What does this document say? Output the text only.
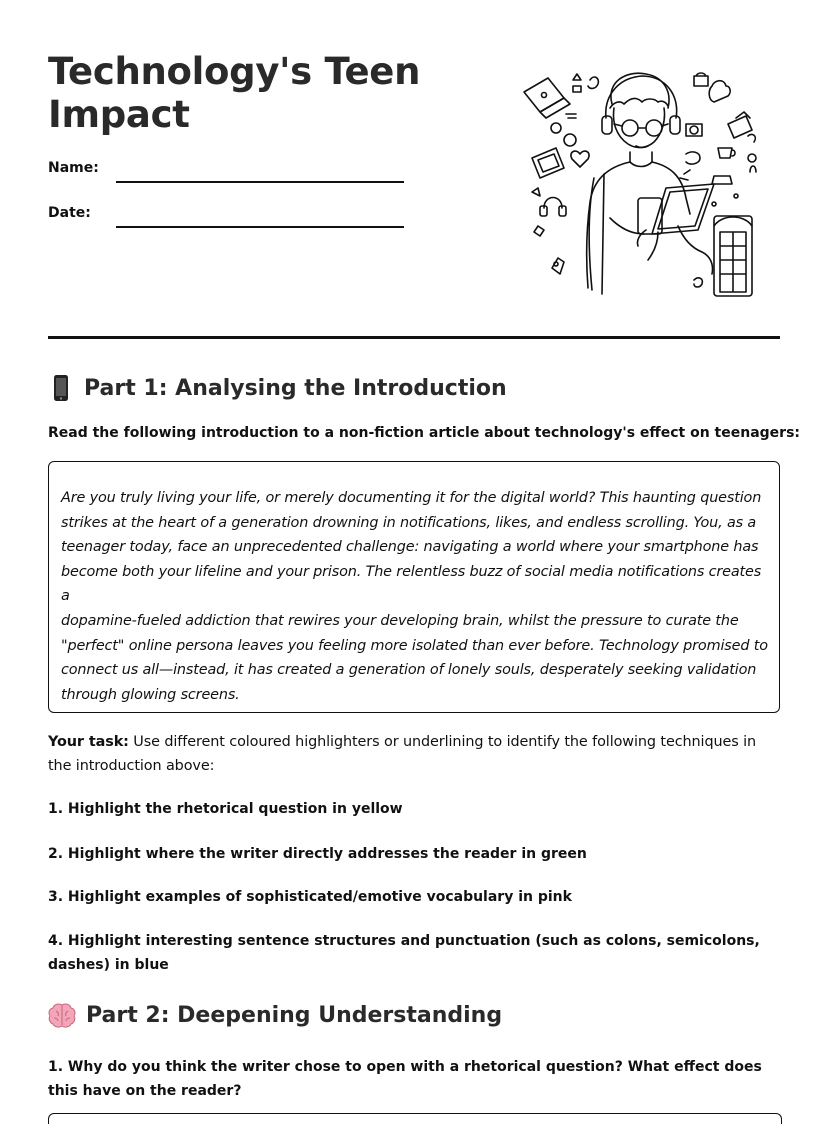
Technology's Teen Impact
Name:
Date:
Part 1: Analysing the Introduction
Read the following introduction to a non-fiction article about technology's effect on teenagers:

Are you truly living your life, or merely documenting it for the digital world? This haunting question
strikes at the heart of a generation drowning in notifications, likes, and endless scrolling. You, as a
teenager today, face an unprecedented challenge: navigating a world where your smartphone has
become both your lifeline and your prison. The relentless buzz of social media notifications creates a
dopamine-fueled addiction that rewires your developing brain, whilst the pressure to curate the
"perfect" online persona leaves you feeling more isolated than ever before. Technology promised to
connect us all—instead, it has created a generation of lonely souls, desperately seeking validation
through glowing screens.

Your task: Use different coloured highlighters or underlining to identify the following techniques in the introduction above:
1. Highlight the rhetorical question in yellow
2. Highlight where the writer directly addresses the reader in green
3. Highlight examples of sophisticated/emotive vocabulary in pink
4. Highlight interesting sentence structures and punctuation (such as colons, semicolons, dashes) in blue
Part 2: Deepening Understanding
1. Why do you think the writer chose to open with a rhetorical question? What effect does this have on the reader?
